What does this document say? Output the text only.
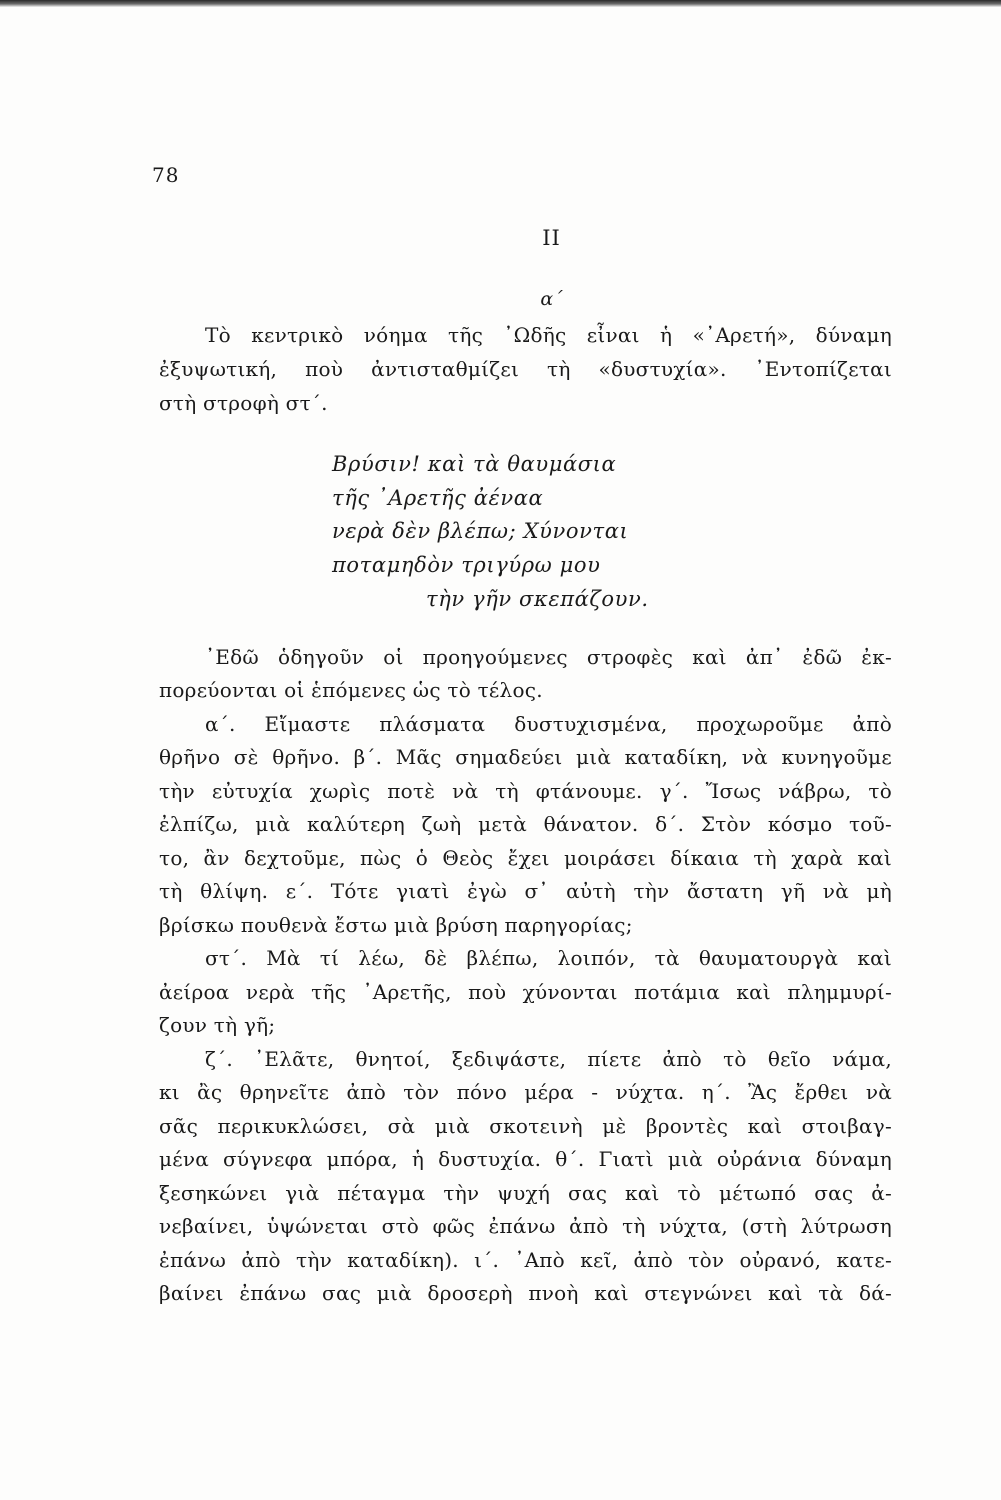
78
II
α΄
Τὸ κεντρικὸ νόημα τῆς ᾿Ωδῆς εἶναι ἡ «᾿Αρετή», δύναμη
ἐξυψωτική, ποὺ ἀντισταθμίζει τὴ «δυστυχία». ᾿Εντοπίζεται
στὴ στροφὴ στ΄.
Βρύσιν! καὶ τὰ θαυμάσια
τῆς ᾿Αρετῆς ἀέναα
νερὰ δὲν βλέπω; Χύνονται
ποταμηδὸν τριγύρω μου
τὴν γῆν σκεπάζουν.
᾿Εδῶ ὁδηγοῦν οἱ προηγούμενες στροφὲς καὶ ἀπ᾿ ἐδῶ ἐκ-
πορεύονται οἱ ἑπόμενες ὡς τὸ τέλος.
α΄. Εἴμαστε πλάσματα δυστυχισμένα, προχωροῦμε ἀπὸ
θρῆνο σὲ θρῆνο. β΄. Μᾶς σημαδεύει μιὰ καταδίκη, νὰ κυνηγοῦμε
τὴν εὐτυχία χωρὶς ποτὲ νὰ τὴ φτάνουμε. γ΄. Ἴσως νάβρω, τὸ
ἐλπίζω, μιὰ καλύτερη ζωὴ μετὰ θάνατον. δ΄. Στὸν κόσμο τοῦ-
το, ἂν δεχτοῦμε, πὼς ὁ Θεὸς ἔχει μοιράσει δίκαια τὴ χαρὰ καὶ
τὴ θλίψη. ε΄. Τότε γιατὶ ἐγὼ σ᾿ αὐτὴ τὴν ἄστατη γῆ νὰ μὴ
βρίσκω πουθενὰ ἔστω μιὰ βρύση παρηγορίας;
στ΄. Μὰ τί λέω, δὲ βλέπω, λοιπόν, τὰ θαυματουργὰ καὶ
ἀείροα νερὰ τῆς ᾿Αρετῆς, ποὺ χύνονται ποτάμια καὶ πλημμυρί-
ζουν τὴ γῆ;
ζ΄. ᾿Ελᾶτε, θνητοί, ξεδιψάστε, πίετε ἀπὸ τὸ θεῖο νάμα,
κι ἂς θρηνεῖτε ἀπὸ τὸν πόνο μέρα - νύχτα. η΄. Ἂς ἔρθει νὰ
σᾶς περικυκλώσει, σὰ μιὰ σκοτεινὴ μὲ βροντὲς καὶ στοιβαγ-
μένα σύγνεφα μπόρα, ἡ δυστυχία. θ΄. Γιατὶ μιὰ οὐράνια δύναμη
ξεσηκώνει γιὰ πέταγμα τὴν ψυχή σας καὶ τὸ μέτωπό σας ἀ-
νεβαίνει, ὑψώνεται στὸ φῶς ἐπάνω ἀπὸ τὴ νύχτα, (στὴ λύτρωση
ἐπάνω ἀπὸ τὴν καταδίκη). ι΄. ᾿Απὸ κεῖ, ἀπὸ τὸν οὐρανό, κατε-
βαίνει ἐπάνω σας μιὰ δροσερὴ πνοὴ καὶ στεγνώνει καὶ τὰ δά-
